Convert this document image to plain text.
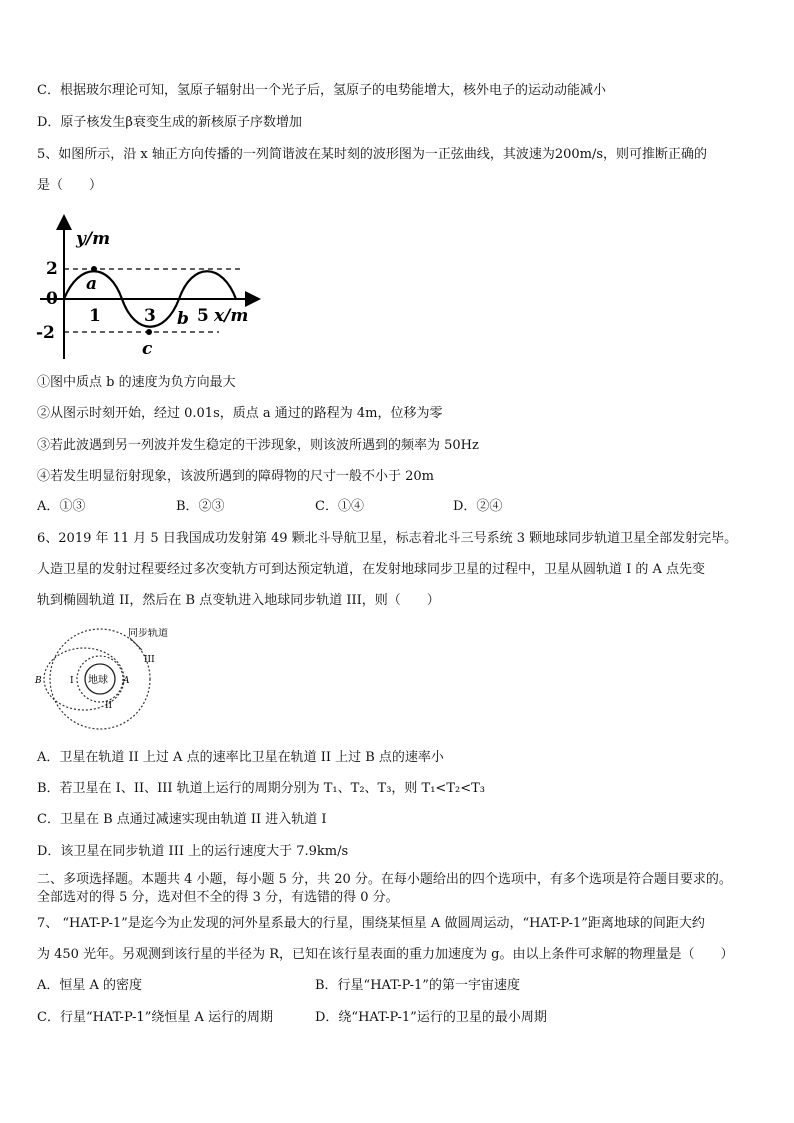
C．根据玻尔理论可知，氢原子辐射出一个光子后，氢原子的电势能增大，核外电子的运动动能减小
D．原子核发生β衰变生成的新核原子序数增加
5、如图所示，沿 x 轴正方向传播的一列简谐波在某时刻的波形图为一正弦曲线，其波速为200m/s，则可推断正确的
是（　　）
y/m
2
0
-2
1	3 5 x/m
a
b
c
①图中质点 b 的速度为负方向最大
②从图示时刻开始，经过 0.01s，质点 a 通过的路程为 4m，位移为零
③若此波遇到另一列波并发生稳定的干涉现象，则该波所遇到的频率为 50Hz
④若发生明显衍射现象，该波所遇到的障碍物的尺寸一般不小于 20m
A．①③	B．②③	C．①④	D．②④
6、2019 年 11 月 5 日我国成功发射第 49 颗北斗导航卫星，标志着北斗三号系统 3 颗地球同步轨道卫星全部发射完毕。
人造卫星的发射过程要经过多次变轨方可到达预定轨道，在发射地球同步卫星的过程中，卫星从圆轨道 I 的 A 点先变
轨到椭圆轨道 II，然后在 B 点变轨进入地球同步轨道 III，则（　　）
同步轨道
地球
I
II
III
A
B
A．卫星在轨道 II 上过 A 点的速率比卫星在轨道 II 上过 B 点的速率小
B．若卫星在 I、II、III 轨道上运行的周期分别为 T₁、T₂、T₃，则 T₁<T₂<T₃
C．卫星在 B 点通过减速实现由轨道 II 进入轨道 I
D．该卫星在同步轨道 III 上的运行速度大于 7.9km/s
二、多项选择题。本题共 4 小题，每小题 5 分，共 20 分。在每小题给出的四个选项中，有多个选项是符合题目要求的。
全部选对的得 5 分，选对但不全的得 3 分，有选错的得 0 分。
7、 “HAT-P-1”是迄今为止发现的河外星系最大的行星，围绕某恒星 A 做圆周运动，“HAT-P-1”距离地球的间距大约
为 450 光年。另观测到该行星的半径为 R，已知在该行星表面的重力加速度为 g。由以上条件可求解的物理量是（　　）
A．恒星 A 的密度	B．行星“HAT-P-1”的第一宇宙速度
C．行星“HAT-P-1”绕恒星 A 运行的周期	D．绕“HAT-P-1”运行的卫星的最小周期
